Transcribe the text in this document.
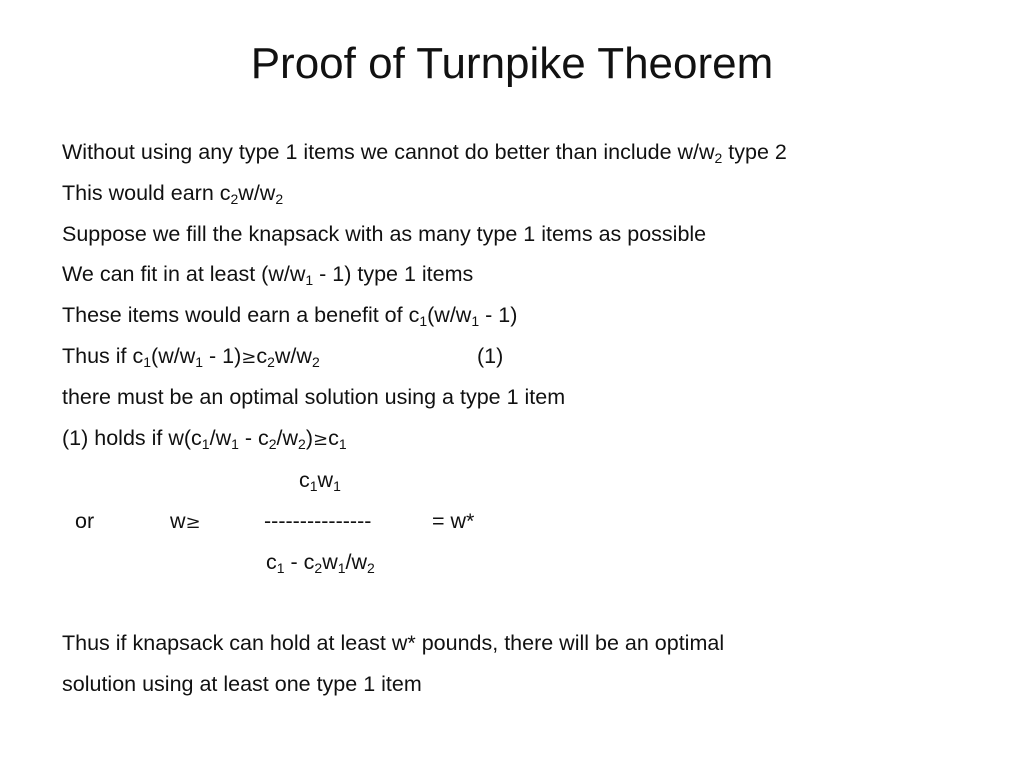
Proof of Turnpike Theorem
Without using any type 1 items we cannot do better than include $w/w_2$ type 2
This would earn $c_2w/w_2$
Suppose we fill the knapsack with as many type 1 items as possible
We can fit in at least $(w/w_1 - 1)$ type 1 items
These items would earn a benefit of $c_1(w/w_1 - 1)$
Thus if $c_1(w/w_1 - 1)\ge c_2w/w_2$	(1)
there must be an optimal solution using a type 1 item
(1) holds if $w(c_1/w_1 - c_2/w_2)\ge c_1$
$c_1w_1$
or	w≥	---------------	= w*
$c_1 - c_2w_1/w_2$
Thus if knapsack can hold at least w* pounds, there will be an optimal
solution using at least one type 1 item
